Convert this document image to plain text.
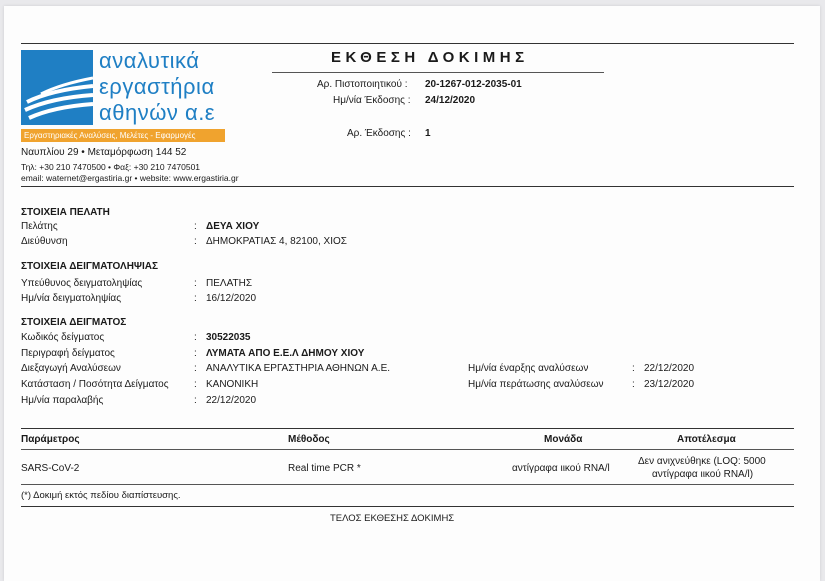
αναλυτικά
εργαστήρια
αθηνών α.ε
Εργαστηριακές Αναλύσεις, Μελέτες - Εφαρμογές
Ναυπλίου 29 • Μεταμόρφωση 144 52
Τηλ: +30 210 7470500 • Φαξ: +30 210 7470501
email: waternet@ergastiria.gr • website: www.ergastiria.gr
ΕΚΘΕΣΗ ΔΟΚΙΜΗΣ
Αρ. Πιστοποιητικού : 20-1267-012-2035-01
Ημ/νία Έκδοσης : 24/12/2020
Αρ. Έκδοσης : 1
ΣΤΟΙΧΕΙΑ ΠΕΛΑΤΗ
Πελάτης	: ΔΕΥΑ ΧΙΟΥ
Διεύθυνση	: ΔΗΜΟΚΡΑΤΙΑΣ 4, 82100, ΧΙΟΣ
ΣΤΟΙΧΕΙΑ ΔΕΙΓΜΑΤΟΛΗΨΙΑΣ
Υπεύθυνος δειγματοληψίας	: ΠΕΛΑΤΗΣ
Ημ/νία δειγματοληψίας	: 16/12/2020
ΣΤΟΙΧΕΙΑ ΔΕΙΓΜΑΤΟΣ
Κωδικός δείγματος	: 30522035
Περιγραφή δείγματος	: ΛΥΜΑΤΑ ΑΠΟ Ε.Ε.Λ ΔΗΜΟΥ ΧΙΟΥ
Διεξαγωγή Αναλύσεων	: ΑΝΑΛΥΤΙΚΑ ΕΡΓΑΣΤΗΡΙΑ ΑΘΗΝΩΝ Α.Ε.
Κατάσταση / Ποσότητα Δείγματος	: ΚΑΝΟΝΙΚΗ
Ημ/νία παραλαβής	: 22/12/2020
Ημ/νία έναρξης αναλύσεων	: 22/12/2020
Ημ/νία περάτωσης αναλύσεων	: 23/12/2020
Παράμετρος	Μέθοδος	Μονάδα	Αποτέλεσμα
SARS-CoV-2	Real time PCR *	αντίγραφα ιικού RNA/l
Δεν ανιχνεύθηκε (LOQ: 5000
αντίγραφα ιικού RNA/l)
(*) Δοκιμή εκτός πεδίου διαπίστευσης.
ΤΕΛΟΣ ΕΚΘΕΣΗΣ ΔΟΚΙΜΗΣ
